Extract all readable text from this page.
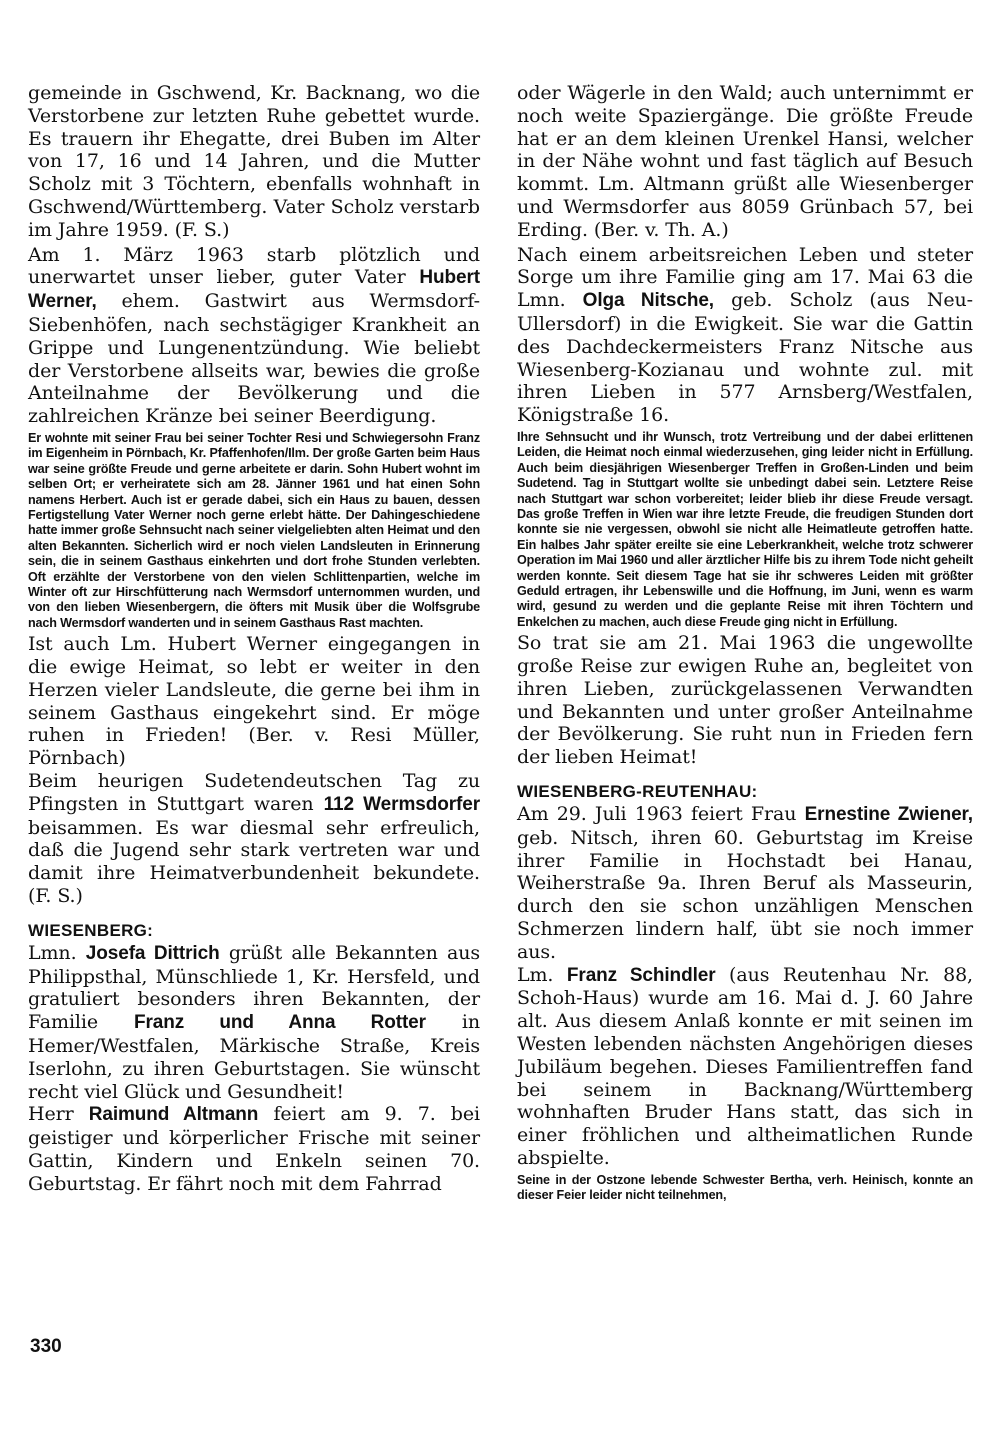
gemeinde in Gschwend, Kr. Backnang, wo die Verstorbene zur letzten Ruhe gebettet wurde. Es trauern ihr Ehegatte, drei Buben im Alter von 17, 16 und 14 Jahren, und die Mutter Scholz mit 3 Töchtern, ebenfalls wohnhaft in Gschwend/Württemberg. Vater Scholz verstarb im Jahre 1959. (F. S.)

Am 1. März 1963 starb plötzlich und unerwartet unser lieber, guter Vater Hubert Werner, ehem. Gastwirt aus Wermsdorf-Siebenhöfen, nach sechstägiger Krankheit an Grippe und Lungenentzündung. Wie beliebt der Verstorbene allseits war, bewies die große Anteilnahme der Bevölkerung und die zahlreichen Kränze bei seiner Beerdigung.

Er wohnte mit seiner Frau bei seiner Tochter Resi und Schwiegersohn Franz im Eigenheim in Pörnbach, Kr. Pfaffenhofen/Ilm. Der große Garten beim Haus war seine größte Freude und gerne arbeitete er darin. Sohn Hubert wohnt im selben Ort; er verheiratete sich am 28. Jänner 1961 und hat einen Sohn namens Herbert. Auch ist er gerade dabei, sich ein Haus zu bauen, dessen Fertigstellung Vater Werner noch gerne erlebt hätte. Der Dahingeschiedene hatte immer große Sehnsucht nach seiner vielgeliebten alten Heimat und den alten Bekannten. Sicherlich wird er noch vielen Landsleuten in Erinnerung sein, die in seinem Gasthaus einkehrten und dort frohe Stunden verlebten. Oft erzählte der Verstorbene von den vielen Schlittenpartien, welche im Winter oft zur Hirschfütterung nach Wermsdorf unternommen wurden, und von den lieben Wiesenbergern, die öfters mit Musik über die Wolfsgrube nach Wermsdorf wanderten und in seinem Gasthaus Rast machten.

Ist auch Lm. Hubert Werner eingegangen in die ewige Heimat, so lebt er weiter in den Herzen vieler Landsleute, die gerne bei ihm in seinem Gasthaus eingekehrt sind. Er möge ruhen in Frieden! (Ber. v. Resi Müller, Pörnbach)

Beim heurigen Sudetendeutschen Tag zu Pfingsten in Stuttgart waren 112 Wermsdorfer beisammen. Es war diesmal sehr erfreulich, daß die Jugend sehr stark vertreten war und damit ihre Heimatverbundenheit bekundete. (F. S.)

WIESENBERG:

Lmn. Josefa Dittrich grüßt alle Bekannten aus Philippsthal, Münschliede 1, Kr. Hersfeld, und gratuliert besonders ihren Bekannten, der Familie Franz und Anna Rotter in Hemer/Westfalen, Märkische Straße, Kreis Iserlohn, zu ihren Geburtstagen. Sie wünscht recht viel Glück und Gesundheit!

Herr Raimund Altmann feiert am 9. 7. bei geistiger und körperlicher Frische mit seiner Gattin, Kindern und Enkeln seinen 70. Geburtstag. Er fährt noch mit dem Fahrrad

oder Wägerle in den Wald; auch unternimmt er noch weite Spaziergänge. Die größte Freude hat er an dem kleinen Urenkel Hansi, welcher in der Nähe wohnt und fast täglich auf Besuch kommt. Lm. Altmann grüßt alle Wiesenberger und Wermsdorfer aus 8059 Grünbach 57, bei Erding. (Ber. v. Th. A.)

Nach einem arbeitsreichen Leben und steter Sorge um ihre Familie ging am 17. Mai 63 die Lmn. Olga Nitsche, geb. Scholz (aus Neu-Ullersdorf) in die Ewigkeit. Sie war die Gattin des Dachdeckermeisters Franz Nitsche aus Wiesenberg-Kozianau und wohnte zul. mit ihren Lieben in 577 Arnsberg/Westfalen, Königstraße 16.

Ihre Sehnsucht und ihr Wunsch, trotz Vertreibung und der dabei erlittenen Leiden, die Heimat noch einmal wiederzusehen, ging leider nicht in Erfüllung. Auch beim diesjährigen Wiesenberger Treffen in Großen-Linden und beim Sudetend. Tag in Stuttgart wollte sie unbedingt dabei sein. Letztere Reise nach Stuttgart war schon vorbereitet; leider blieb ihr diese Freude versagt. Das große Treffen in Wien war ihre letzte Freude, die freudigen Stunden dort konnte sie nie vergessen, obwohl sie nicht alle Heimatleute getroffen hatte. Ein halbes Jahr später ereilte sie eine Leberkrankheit, welche trotz schwerer Operation im Mai 1960 und aller ärztlicher Hilfe bis zu ihrem Tode nicht geheilt werden konnte. Seit diesem Tage hat sie ihr schweres Leiden mit größter Geduld ertragen, ihr Lebenswille und die Hoffnung, im Juni, wenn es warm wird, gesund zu werden und die geplante Reise mit ihren Töchtern und Enkelchen zu machen, auch diese Freude ging nicht in Erfüllung.

So trat sie am 21. Mai 1963 die ungewollte große Reise zur ewigen Ruhe an, begleitet von ihren Lieben, zurückgelassenen Verwandten und Bekannten und unter großer Anteilnahme der Bevölkerung. Sie ruht nun in Frieden fern der lieben Heimat!

WIESENBERG-REUTENHAU:

Am 29. Juli 1963 feiert Frau Ernestine Zwiener, geb. Nitsch, ihren 60. Geburtstag im Kreise ihrer Familie in Hochstadt bei Hanau, Weiherstraße 9a. Ihren Beruf als Masseurin, durch den sie schon unzähligen Menschen Schmerzen lindern half, übt sie noch immer aus.

Lm. Franz Schindler (aus Reutenhau Nr. 88, Schoh-Haus) wurde am 16. Mai d. J. 60 Jahre alt. Aus diesem Anlaß konnte er mit seinen im Westen lebenden nächsten Angehörigen dieses Jubiläum begehen. Dieses Familientreffen fand bei seinem in Backnang/Württemberg wohnhaften Bruder Hans statt, das sich in einer fröhlichen und altheimatlichen Runde abspielte.

Seine in der Ostzone lebende Schwester Bertha, verh. Heinisch, konnte an dieser Feier leider nicht teilnehmen,

330
